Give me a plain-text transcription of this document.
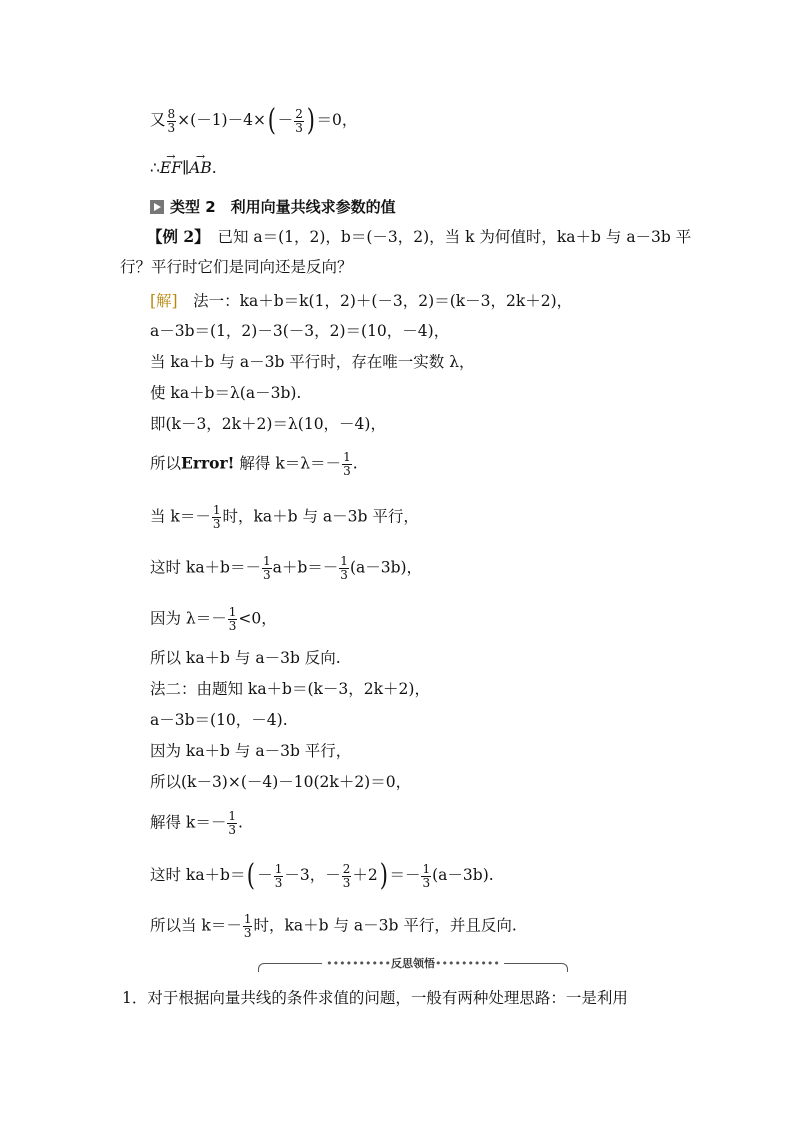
又 $\frac{8}{3} \times(-1)-4\times( - \frac{2}{3}$ ) ＝0，
∴→ EF∥→ AB.
类型 2　利用向量共线求参数的值
【例 2】　已知 a＝(1，2)，b＝(－3，2)，当 k 为何值时，ka＋b 与 a－3b 平
行？平行时它们是同向还是反向？
[解]　法一：ka＋b＝k(1，2)＋(－3，2)＝(k－3，2k＋2)，
a－3b＝(1，2)－3(－3，2)＝(10，－4)，
当 ka＋b 与 a－3b 平行时，存在唯一实数 λ，
使 ka＋b＝λ(a－3b).
即(k－3，2k＋2)＝λ(10，－4)，
所以Error! 解得 $k=\lambda=- \frac{1}{3}$ .
当 $k=- \frac{1}{3}$ 时，ka＋b 与 a－3b 平行，
这时 $ka+b=- \frac{1}{3} a+b=- \frac{1}{3} (a-3b)$，
因为 $\lambda=- \frac{1}{3} <0$，
所以 ka＋b 与 a－3b 反向.
法二：由题知 ka＋b＝(k－3，2k＋2)，
a－3b＝(10，－4).
因为 ka＋b 与 a－3b 平行，
所以(k－3)×(－4)－10(2k＋2)＝0，
解得 $k=- \frac{1}{3}$ .
这时 $ka+b=( - \frac{1}{3} -3$，－ $\frac{2}{3} +2) =- \frac{1}{3} (a-3b)$.
所以当 $k=- \frac{1}{3}$ 时，ka＋b 与 a－3b 平行，并且反向.
••••••••••反思领悟••••••••••
1．对于根据向量共线的条件求值的问题，一般有两种处理思路：一是利用
